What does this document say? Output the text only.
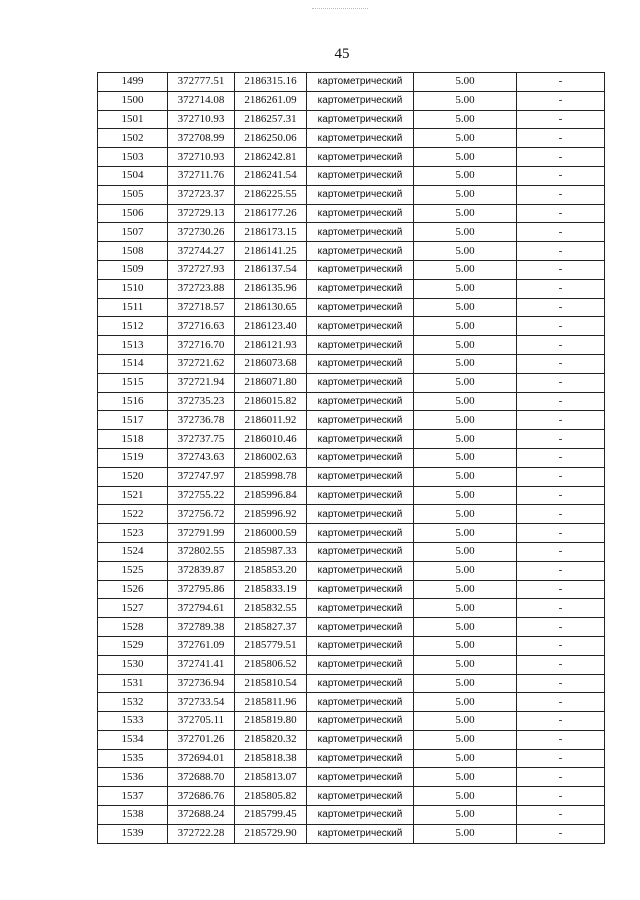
45
1499	372777.51	2186315.16	картометрический	5.00	-
1500	372714.08	2186261.09	картометрический	5.00	-
1501	372710.93	2186257.31	картометрический	5.00	-
1502	372708.99	2186250.06	картометрический	5.00	-
1503	372710.93	2186242.81	картометрический	5.00	-
1504	372711.76	2186241.54	картометрический	5.00	-
1505	372723.37	2186225.55	картометрический	5.00	-
1506	372729.13	2186177.26	картометрический	5.00	-
1507	372730.26	2186173.15	картометрический	5.00	-
1508	372744.27	2186141.25	картометрический	5.00	-
1509	372727.93	2186137.54	картометрический	5.00	-
1510	372723.88	2186135.96	картометрический	5.00	-
1511	372718.57	2186130.65	картометрический	5.00	-
1512	372716.63	2186123.40	картометрический	5.00	-
1513	372716.70	2186121.93	картометрический	5.00	-
1514	372721.62	2186073.68	картометрический	5.00	-
1515	372721.94	2186071.80	картометрический	5.00	-
1516	372735.23	2186015.82	картометрический	5.00	-
1517	372736.78	2186011.92	картометрический	5.00	-
1518	372737.75	2186010.46	картометрический	5.00	-
1519	372743.63	2186002.63	картометрический	5.00	-
1520	372747.97	2185998.78	картометрический	5.00	-
1521	372755.22	2185996.84	картометрический	5.00	-
1522	372756.72	2185996.92	картометрический	5.00	-
1523	372791.99	2186000.59	картометрический	5.00	-
1524	372802.55	2185987.33	картометрический	5.00	-
1525	372839.87	2185853.20	картометрический	5.00	-
1526	372795.86	2185833.19	картометрический	5.00	-
1527	372794.61	2185832.55	картометрический	5.00	-
1528	372789.38	2185827.37	картометрический	5.00	-
1529	372761.09	2185779.51	картометрический	5.00	-
1530	372741.41	2185806.52	картометрический	5.00	-
1531	372736.94	2185810.54	картометрический	5.00	-
1532	372733.54	2185811.96	картометрический	5.00	-
1533	372705.11	2185819.80	картометрический	5.00	-
1534	372701.26	2185820.32	картометрический	5.00	-
1535	372694.01	2185818.38	картометрический	5.00	-
1536	372688.70	2185813.07	картометрический	5.00	-
1537	372686.76	2185805.82	картометрический	5.00	-
1538	372688.24	2185799.45	картометрический	5.00	-
1539	372722.28	2185729.90	картометрический	5.00	-
